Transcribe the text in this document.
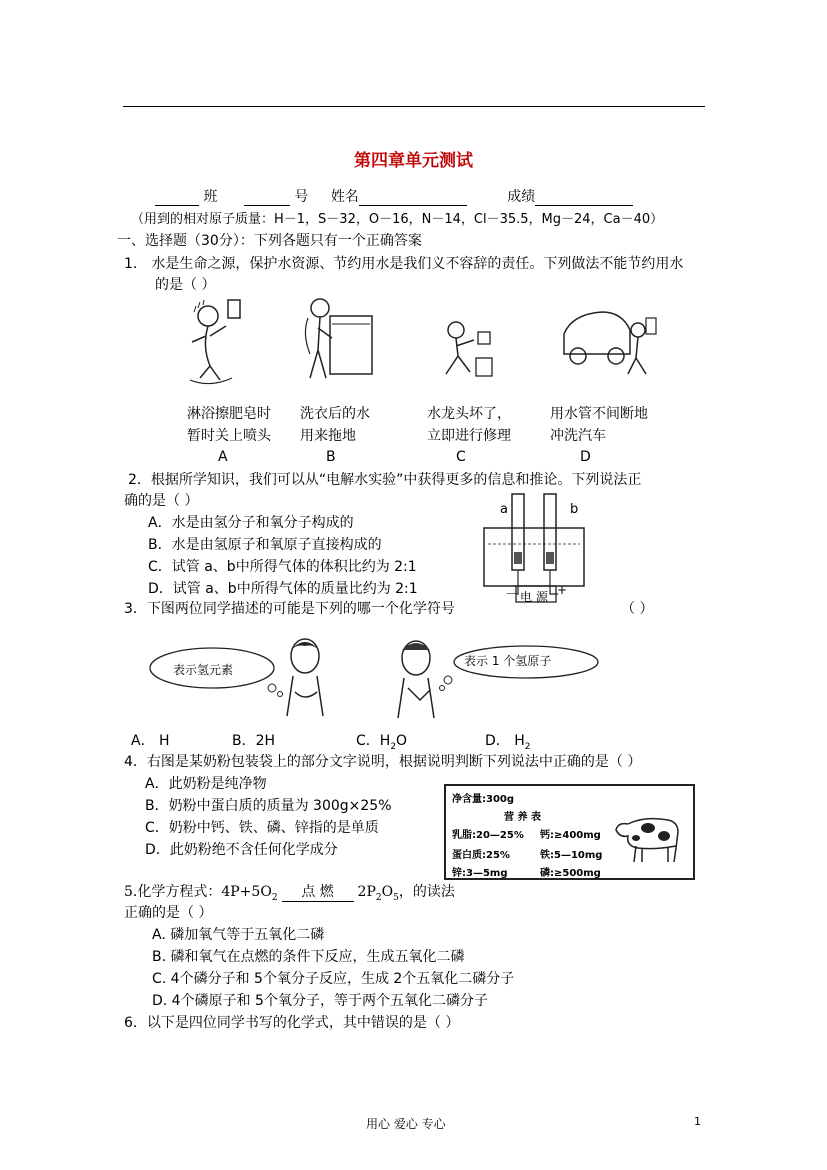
第四章单元测试
班	号 姓名	成绩
（用到的相对原子质量：H－1，S－32，O－16，N－14，Cl－35.5，Mg－24，Ca－40）
一、选择题（30分）：下列各题只有一个正确答案
1． 水是生命之源，保护水资源、节约用水是我们义不容辞的责任。下列做法不能节约用水
的是（ ）
淋浴擦肥皂时
暂时关上喷头
A
洗衣后的水
用来拖地
B
水龙头坏了，
立即进行修理
C
用水管不间断地
冲洗汽车
D
2．根据所学知识，我们可以从“电解水实验”中获得更多的信息和推论。下列说法正
确的是（ ）
A．水是由氢分子和氧分子构成的
B．水是由氢原子和氧原子直接构成的
C．试管 a、b中所得气体的体积比约为 2:1
D．试管 a、b中所得气体的质量比约为 2:1
a	b
电 源
－	+
3．下图两位同学描述的可能是下列的哪一个化学符号	（ ）
表示氢元素
表示 1 个氢原子
A． H	B．2H	C．$H_2O$	D． $H_2$
4．右图是某奶粉包装袋上的部分文字说明，根据说明判断下列说法中正确的是（ ）
A．此奶粉是纯净物
B．奶粉中蛋白质的质量为 300g×25%
C．奶粉中钙、铁、磷、锌指的是单质
D．此奶粉绝不含任何化学成分
净含量:300g
营 养 表
乳脂:20—25% 钙:≥400mg
蛋白质:25%	铁:5—10mg
锌:3—5mg	磷:≥500mg
5.化学方程式：$4P+5O_2$ 点 燃 $2P_2O_5$，的读法
正确的是（ ）
A. 磷加氧气等于五氧化二磷
B. 磷和氧气在点燃的条件下反应，生成五氧化二磷
C. 4个磷分子和 5个氧分子反应，生成 2个五氧化二磷分子
D. 4个磷原子和 5个氧分子，等于两个五氧化二磷分子
6．以下是四位同学书写的化学式，其中错误的是（ ）
用心 爱心 专心	1
